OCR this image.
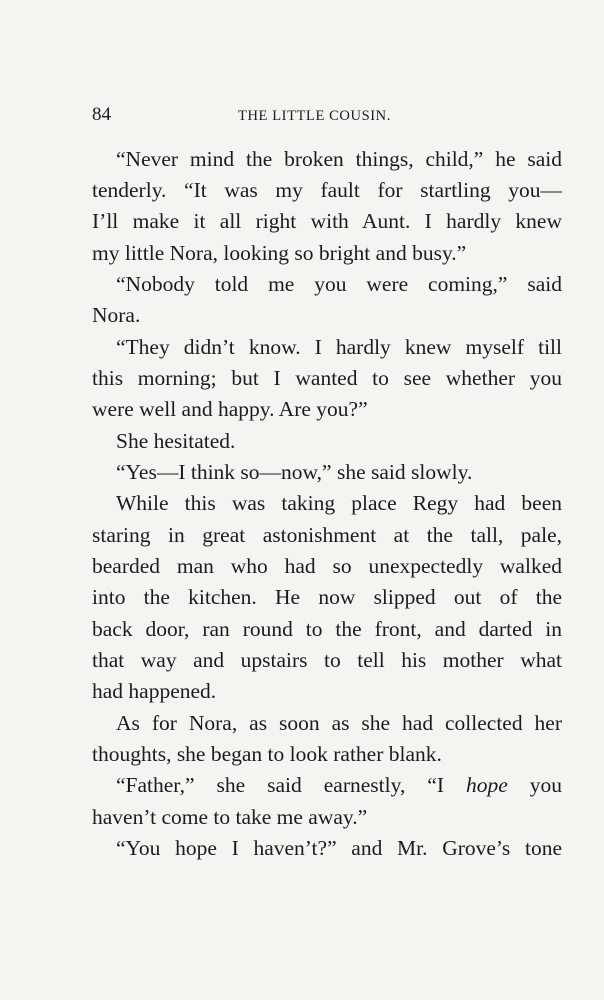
84	THE LITTLE COUSIN.
“Never mind the broken things, child,” he said
tenderly. “It was my fault for startling you—
I’ll make it all right with Aunt. I hardly knew
my little Nora, looking so bright and busy.”
“Nobody told me you were coming,” said
Nora.
“They didn’t know. I hardly knew myself till
this morning; but I wanted to see whether you
were well and happy. Are you?”
She hesitated.
“Yes—I think so—now,” she said slowly.
While this was taking place Regy had been
staring in great astonishment at the tall, pale,
bearded man who had so unexpectedly walked
into the kitchen. He now slipped out of the
back door, ran round to the front, and darted in
that way and upstairs to tell his mother what
had happened.
As for Nora, as soon as she had collected her
thoughts, she began to look rather blank.
“Father,” she said earnestly, “I hope you
haven’t come to take me away.”
“You hope I haven’t?” and Mr. Grove’s tone
